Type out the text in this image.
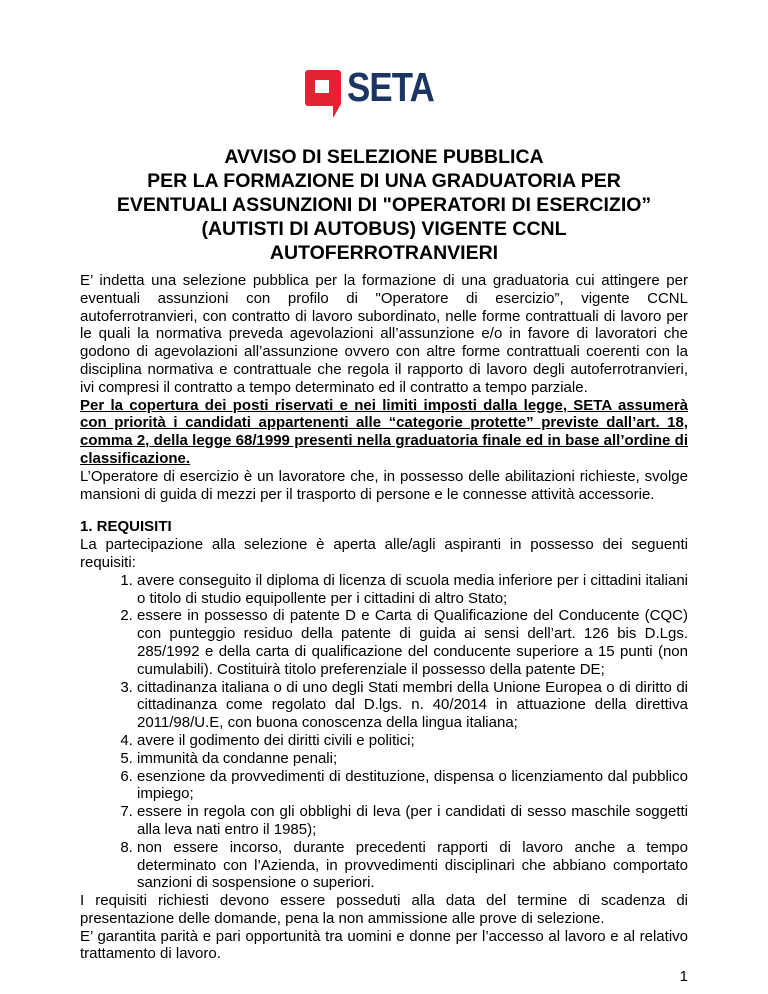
SETA
AVVISO DI SELEZIONE PUBBLICA
PER LA FORMAZIONE DI UNA GRADUATORIA PER
EVENTUALI ASSUNZIONI DI "OPERATORI DI ESERCIZIO”
(AUTISTI DI AUTOBUS) VIGENTE CCNL
AUTOFERROTRANVIERI

E’ indetta una selezione pubblica per la formazione di una graduatoria cui attingere per eventuali assunzioni con profilo di "Operatore di esercizio”, vigente CCNL autoferrotranvieri, con contratto di lavoro subordinato, nelle forme contrattuali di lavoro per le quali la normativa preveda agevolazioni all’assunzione e/o in favore di lavoratori che godono di agevolazioni all’assunzione ovvero con altre forme contrattuali coerenti con la disciplina normativa e contrattuale che regola il rapporto di lavoro degli autoferrotranvieri, ivi compresi il contratto a tempo determinato ed il contratto a tempo parziale.

Per la copertura dei posti riservati e nei limiti imposti dalla legge, SETA assumerà con priorità i candidati appartenenti alle “categorie protette” previste dall’art. 18, comma 2, della legge 68/1999 presenti nella graduatoria finale ed in base all’ordine di classificazione.

L’Operatore di esercizio è un lavoratore che, in possesso delle abilitazioni richieste, svolge mansioni di guida di mezzi per il trasporto di persone e le connesse attività accessorie.

1. REQUISITI

La partecipazione alla selezione è aperta alle/agli aspiranti in possesso dei seguenti requisiti:

1. avere conseguito il diploma di licenza di scuola media inferiore per i cittadini italiani o titolo di studio equipollente per i cittadini di altro Stato;
2. essere in possesso di patente D e Carta di Qualificazione del Conducente (CQC) con punteggio residuo della patente di guida ai sensi dell’art. 126 bis D.Lgs. 285/1992 e della carta di qualificazione del conducente superiore a 15 punti (non cumulabili). Costituirà titolo preferenziale il possesso della patente DE;
3. cittadinanza italiana o di uno degli Stati membri della Unione Europea o di diritto di cittadinanza come regolato dal D.lgs. n. 40/2014 in attuazione della direttiva 2011/98/U.E, con buona conoscenza della lingua italiana;
4. avere il godimento dei diritti civili e politici;
5. immunità da condanne penali;
6. esenzione da provvedimenti di destituzione, dispensa o licenziamento dal pubblico impiego;
7. essere in regola con gli obblighi di leva (per i candidati di sesso maschile soggetti alla leva nati entro il 1985);
8. non essere incorso, durante precedenti rapporti di lavoro anche a tempo determinato con l’Azienda, in provvedimenti disciplinari che abbiano comportato sanzioni di sospensione o superiori.

I requisiti richiesti devono essere posseduti alla data del termine di scadenza di presentazione delle domande, pena la non ammissione alle prove di selezione.

E’ garantita parità e pari opportunità tra uomini e donne per l’accesso al lavoro e al relativo trattamento di lavoro.

1
